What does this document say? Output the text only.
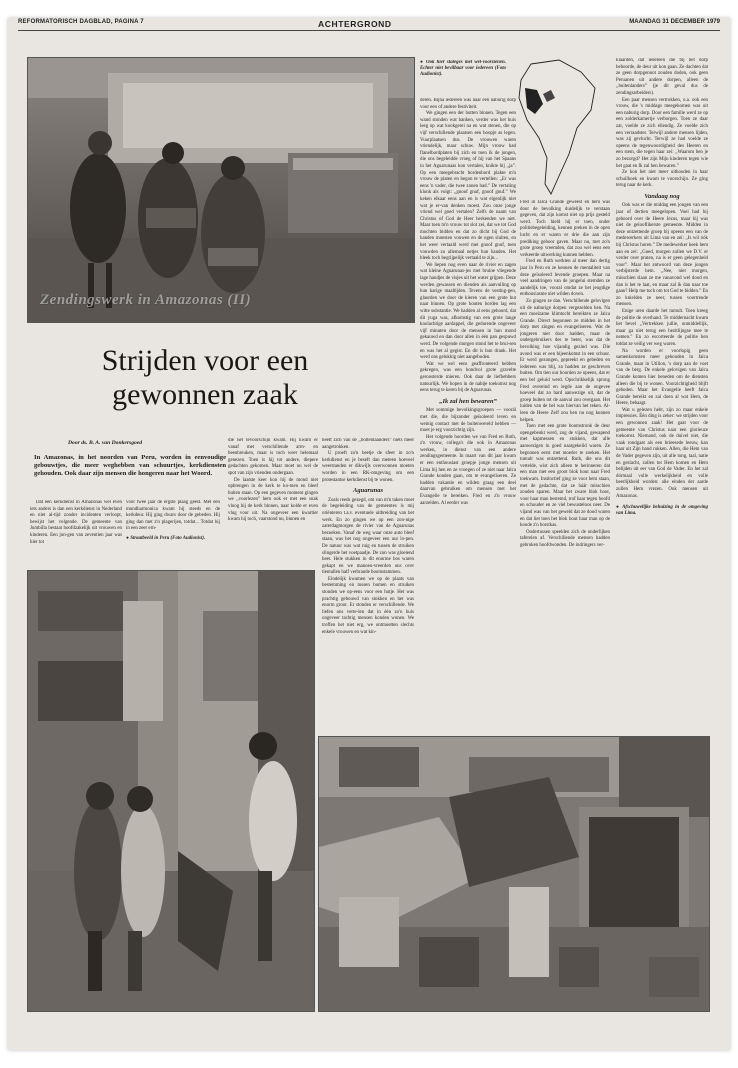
REFORMATORISCH DAGBLAD, PAGINA 7	ACHTERGROND	MAANDAG 31 DECEMBER 1979
Zendingswerk in Amazonas (II)
● Ook hier staleges met wel-voorzienen. Echter niet bevilbaar voor iedereen (Foto Audionist).
Strijden voor een
gewonnen zaak
Door ds. B. A. van Donkersgoed
In Amazonas, in het noorden van Peru, worden in eenvoudige gebouwtjes, die meer weghebben van schuurtjes, kerkdiensten gehouden. Ook daar zijn mensen die hongeren naar het Woord.

Dat een kerkdienst in Amazonas wel even iets anders is dan een kerkdienst in Nederland en niet al-tijd zonder incidenten verloopt, bewijst het volgende. De gemeente van Jumbilla bestaat hoofdzakelijk uit vrouwen en kinderen. Een jon-gen van zeventien jaar was hier tot

voor twee jaar de ergste plaag geest. Met een mondharmonica kwam hij steeds en de kerkdeur. Hij ging dwars door de gebeden. Hij ging dan met z'n plagerijen, totdat... Totdat hij in een zeer ern-

● Straatbeeld in Peru (Foto Audionist).

die het tevoorschijn kwam. Hij kwam er vanaf met verschillende arm- en beenbreuken, maar is toch weer helemaal genezen. Toen is hij tot andere, diepere gedachten gekomen. Maar moet nu wel de spot van zijn vrienden ondergaan.

De laatste keer kon hij de mond niet opbrengen in de kerk te ko-men en bleef buiten staan. Op een gegeven moment gingen we ,,voorlezen” hem ook er met een snak vloog hij de kerk binnen, naar kolde er even vlug voor uit. Na ongeveer een kwartier kwam hij toch, vaarstond nu, binnen en

heeft zich van de ,,boltentaanders” niets meer aangetrokken.

U proeft zo'n beetje de sfeer in zo'n kerkdienst en je beseft dan meteen hoeveel weerstanden er dikwijls overwonnen moeten worden in een RK-omgeving om een protestantse kerkdienst bij te wonen.

Aguarunas

Zoals reeds gezegd, om van m'n taken moet de begeleiding van de gemeentes is mij oriënteren t.a.v. eventuele uitbreiding van het werk. En zo gingen we op een zon-nige zaterdagmorgen de rivier van de Aguarunas bezoeken. Vanaf de weg waar onze auto bleef staan, was het nog ongeveer een uur lo-pen. De natuur was wat ruig en tussen de struiken slingerde het voetpaadje. De zon was gloeiend heet. Hele stukken in dit enorme bos waren gekapt en we manoeu-vreerden ons over tientallen half verbrande boomstammen.

Eindelijk kwamen we op de plaats van bestemming en tussen bomen en struiken stonden we op-eens voor een hutje. Het was prachtig gebouwd van stokken en het was enorm groot. Er stonden er verschillende. We liefen ons verte-len dat in één zo'n huis ongeveer tachtig mensen konden wonen. We troffen het niet erg, we ontmoetten slechts enkele vrouwen en wat kin-

deren. Bijna iedereen was naar een naburig dorp voor een of andere festiviteit.

We gingen een der hutten binnen. Tegen een wand stonden wat banken, verder was het huis leeg op wat kookgerei na en wat stenen, die op vijf verschillende plaatsen een hoopje as legen. Vuurplaatsen dus. De vrouwen waren vriendelijk, maar schuw. Mijn vrouw had flanelbordplaten bij zich en toen ik de jongen, die ons begeleidde vroeg of hij van het Spaans in het Aguarunaas kon vertalen, knikte hij ,,ja”. Op een meegebracht bordenbord plakte m'n vrouw de platen en begon te vertellen: ,,Er was eens 'n vader, die twee zonen had.” De vertaling klonk als volgt: ,,gnoof gnuf, gnoof gnuf.” We keken elkaar eens aan en is wat eigenlijk niet wat je er-van denken moest. Zou onze jonge vriend wel goed vertalen? Zelfs de naam van Christus of God de Heer herkenden we niet. Maar toen m'n vrouw tot slot zei, dat we tot God mochten bidden en dat zo dicht bij God de handen moesten vouwen en de ogen sluiten, en het weer vertaald werd met gnoof gnuf, toen vouwden zo allemaal netjes hun handen. Het bleek toch begrijpelijk vertaald te zijn...

We liepen nog even naar de rivier en zagen wat kleine Aguarunas-jes met bruine vliegende lage handjes de visjes uit het water grijpen. Deze werden gewassen en dienden als aanvulling op hun karige maaltijden. Tevens de vesting-gen, glaurden we door de kieren van een grote hut naar binnen. Op grote houten borden lag een witte substantie. We hadden al eens gehoord, dat dit yuga was, afkomstig van een grote lange knolachtige aardappel, die gedurende ongeveer vijf minuten door de mensen in hun mond gekauwd en dan door allen in één pan gespuwd werd. De volgende morgen stond het te brui-sen en was het al gegist. En dit is hun drank. Het werd ons gelukkig niet aangeboden.

Wat we wel eens geaffronteerd hebben gekregen, was een hondvol grote gravelte geroosterde mieren. Ook daar de liefhebbers natuurlijk. We hopen in de nabije toekomst nog eens terug te keren bij de Aguarunas.

„Ik zal hen bewaren”

Met sommige bevolkingsgroepen — voorál met die, die bijzonder geïsoleerd leven en weinig contact met de buitenwereld hebben — moet je erg voorzichtig zijn.

Het volgende hoorden we van Fred en Ruth, z'n vrouw, collega's die ook in Amazonas werken, in dienst van een andere zendingsgemeente. In maart van dit jaar kwam er een enthousiast groepje jonge mensen uit Lima bij hen en ze vroegen of ze niet naar Jalca Grande konden gaan, om te evangeliseren. Ze hadden vakantie en wilden graag een deel daarvan gebruiken om mensen met het Evangelie te bereiken. Fred en z'n vrouw aarzelden. Al eerder was

Fred in Jalca Grande geweest en hem was door de bevolking duidelijk te verstaan gegeven, dat zijn komst niet op prijs gesteld werd. Toch hield hij er toen, onder politiebegeleiding, kennen preken in de open lucht en er waren er drie die aan zijn prediking gehoor gaven. Maar nu, met zo'n grote groep vreemden, dat zou wel eens een verkeerde uitwerking kunnen hebben.

Fred en Ruth werkten al meer dan dertig jaar in Peru en ze kennen de mentaliteit van deze geïsoleerd levende groepen. Maar na veel aandringen van de jongelui stemden ze aandelijk toe, vooral omdat ze het jeugdige enthousiasme niet wilden doven.

Zo gingen ze dan. Verschillende gelovigen uit de naburige dorpen vergezelden hen. Na een moeizame klimtocht bereikten ze Jalca Grande. Direct begonnen ze midden in het dorp met zingen en evangeliseren. Wat de jongeren niet door hadden, maar de ondergebruikers des te beter, was dat de bevolking hoe vijandig gezind was. Die avond was er een bijeenkomst in een schuur. Er werd gezongen, gepreekt en gebeden en iedereen was blij, zo hadden ze geschreven buiten. Om tien uur hoorden ze opeens, dat er een bel geluid werd. Opschrikkelijk sprong Fred overeind en legde aan de ongevee hoeveel dat zo hard aanwezige uit, dat de groep buiten tot de aanval zou overgaan. Het luiden van de bel was hiervan het teken. Al-leen de Heere Zelf zou hen nu nog kunnen helpen.

Toen met een grote boomstronk de deur opengebeukt werd, zog de vijand, gewapend met kapmessen en stokken, dat alle aanwezigen in goed naargekeild waren. Ze begonnen eerst met moeder te zoeken. Het tumult was ontzettend. Ruth, die ons dit vertelde, wist zich alleen te herinneren dat een man met een groot blok hout naar Fred toekwam. Instinctief ging ze voor hem staan, met de gedachte, dat ze háár misschien zouden sparen. Maar het zware blok hout, voor haar man bestemd, trof haar tegen hoofd en schouder en ze viel bewusteloos neer. De vijand was van het geweld dat ze dood waren en dat liet toen het blok hout haar man op de koude z'n borstkas.

Ondertussen speelden zich de onderlijken taferelen af. Verschillende mensen hadden gebroken hoofdwonden. De indringers ver-

klaarden, dat iedereen die bij het dorp behoorde, de deur uit kon gaan. Ze dachten dat ze geen dorpgenoot zouden doden, ook geen Peruanen uit andere dorpen, alleen de ,,buitenlanders” (je dit geval dus de zendingsarbeiders).

Een paar mensen vertrokken, o.a. ook een vrouw, die 's middags meegekomen was uit een naburig dorp. Door een familie werd ze op een zolderkamertje verborgen. Toen ze daar zat, voelde ze zich ellendig. Ze voelde zich een verraadster. Terwijl andere mensen lijden, was zij gevlucht. Terwijl ze had voelde ze opeens de tegenwoordigheid des Heeren en een stem, die tegen haar zei: ,,Waarom ben je zo bezorgd? Het zijn Mijn kinderen tegen wie het gaat en Ik zal hen bewaren.”

Ze kon het niet meer uithouden in haar schuilhoek en kwam te voorschijn. Ze ging terug naar de kerk.

Vandaag nog

Ook was er die middag een jongen van een jaar of dertien meegelopen. Voel had hij gehoord over de Heere Jezus, maar hij was niet de gelooflikerste gemeente. Midden in deze ontzettende groep bij opeens een van de medewerkers uit Lima van en zei: ,,Is wil óók bij Christus horen.” De medewerker keek hem aan en zei: ,,Goed, morgen zullen we D.V. er verder over praten, na is er geen gelegenheid voor”. Maar het antwoord van deze jongen verbijsterde hem. ,,Nee, niet morgen, misschien slaan ze me vanavond wel dood en dan is het te laat, en maar zal ik dan naar toe gaan? Help me toch om tot God te bidden.” En zo knielden ze neer, tussen voortrende mensen.

Enige uren daarde het tumult. Toen kreeg de politie de overhand. Te middernacht kwam het bevel ,,Vertrekken jullie, onmiddellijk, maar ga niet terug een bezitlijngse mee te nemen.” En zo escorteerde de politie hen totdat ze veilig ver weg waren.

Na worden er voorlopig geen samenkomsten meer gehouden in Jalca Grande, maar in Utilion, 's dorp aan de voet van de berg. De enkele gelovigen van Jalca Grande komen hier beneden om de diensten alleen die bij te wonen. Voorzichtigheid blijft geboden. Maar het Evangelie heeft Jalca Grande bereikt en zal doen al wat Hem, de Heere, behaagt.

Wat u gelezen hebt, zijn zo maar enkele impressies. Één ding is zeker: we strijden voor een gewonnen zaak! Het gaat voor de gemeente van Christus naar een glorieuze toekomst. Niemand, ook de duivel niet, die vaak rondgaat als een brieesede leeuw, kan haar uit Zijn hand rukken. Allen, die Hem van de Vader gegeven zijn, uit alle tong, taal, natie en geslacht, zullen tot Hem komen en Hem belijden uit eer van God de Vader. En het zal dórmaal volle werkelijkheid en volle heerlijkheid worden: alle einden der aarde zullen Hem vrezen. Ook mensen uit Amazonas.

● Afschuwelijke behuizing in de omgeving van Lima.
